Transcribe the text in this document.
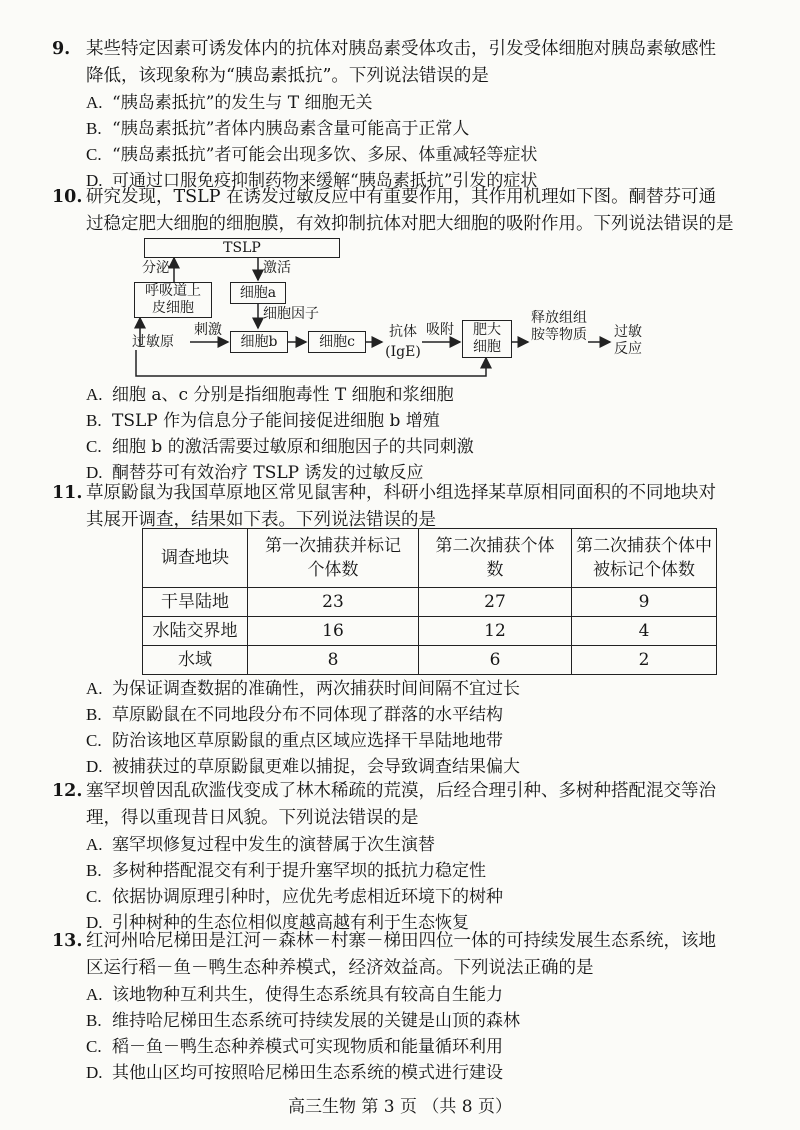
9. 某些特定因素可诱发体内的抗体对胰岛素受体攻击，引发受体细胞对胰岛素敏感性

降低，该现象称为“胰岛素抵抗”。下列说法错误的是

A. “胰岛素抵抗”的发生与 T 细胞无关

B. “胰岛素抵抗”者体内胰岛素含量可能高于正常人

C. “胰岛素抵抗”者可能会出现多饮、多尿、体重减轻等症状

D. 可通过口服免疫抑制药物来缓解“胰岛素抵抗”引发的症状

10. 研究发现，TSLP 在诱发过敏反应中有重要作用，其作用机理如下图。酮替芬可通

过稳定肥大细胞的细胞膜，有效抑制抗体对肥大细胞的吸附作用。下列说法错误的是

TSLP
分泌	激活
呼吸道上皮细胞
细胞a
细胞因子
刺激
过敏原	细胞b	细胞c
抗体
(IgE)
吸附	肥大细胞
释放组组胺等物质 过敏反应

A. 细胞 a、c 分别是指细胞毒性 T 细胞和浆细胞

B. TSLP 作为信息分子能间接促进细胞 b 增殖

C. 细胞 b 的激活需要过敏原和细胞因子的共同刺激

D. 酮替芬可有效治疗 TSLP 诱发的过敏反应

11. 草原鼢鼠为我国草原地区常见鼠害种，科研小组选择某草原相同面积的不同地块对

其展开调查，结果如下表。下列说法错误的是

调查地块	第一次捕获并标记个体数	第二次捕获个体数	第二次捕获个体中被标记个体数
干旱陆地	23	27	9
水陆交界地	16	12	4
水域	8	6	2

A. 为保证调查数据的准确性，两次捕获时间间隔不宜过长

B. 草原鼢鼠在不同地段分布不同体现了群落的水平结构

C. 防治该地区草原鼢鼠的重点区域应选择干旱陆地地带

D. 被捕获过的草原鼢鼠更难以捕捉，会导致调查结果偏大

12. 塞罕坝曾因乱砍滥伐变成了林木稀疏的荒漠，后经合理引种、多树种搭配混交等治

理，得以重现昔日风貌。下列说法错误的是

A. 塞罕坝修复过程中发生的演替属于次生演替

B. 多树种搭配混交有利于提升塞罕坝的抵抗力稳定性

C. 依据协调原理引种时，应优先考虑相近环境下的树种

D. 引种树种的生态位相似度越高越有利于生态恢复

13. 红河州哈尼梯田是江河－森林－村寨－梯田四位一体的可持续发展生态系统，该地

区运行稻－鱼－鸭生态种养模式，经济效益高。下列说法正确的是

A. 该地物种互利共生，使得生态系统具有较高自生能力

B. 维持哈尼梯田生态系统可持续发展的关键是山顶的森林

C. 稻－鱼－鸭生态种养模式可实现物质和能量循环利用

D. 其他山区均可按照哈尼梯田生态系统的模式进行建设

高三生物 第 3 页 （共 8 页）
